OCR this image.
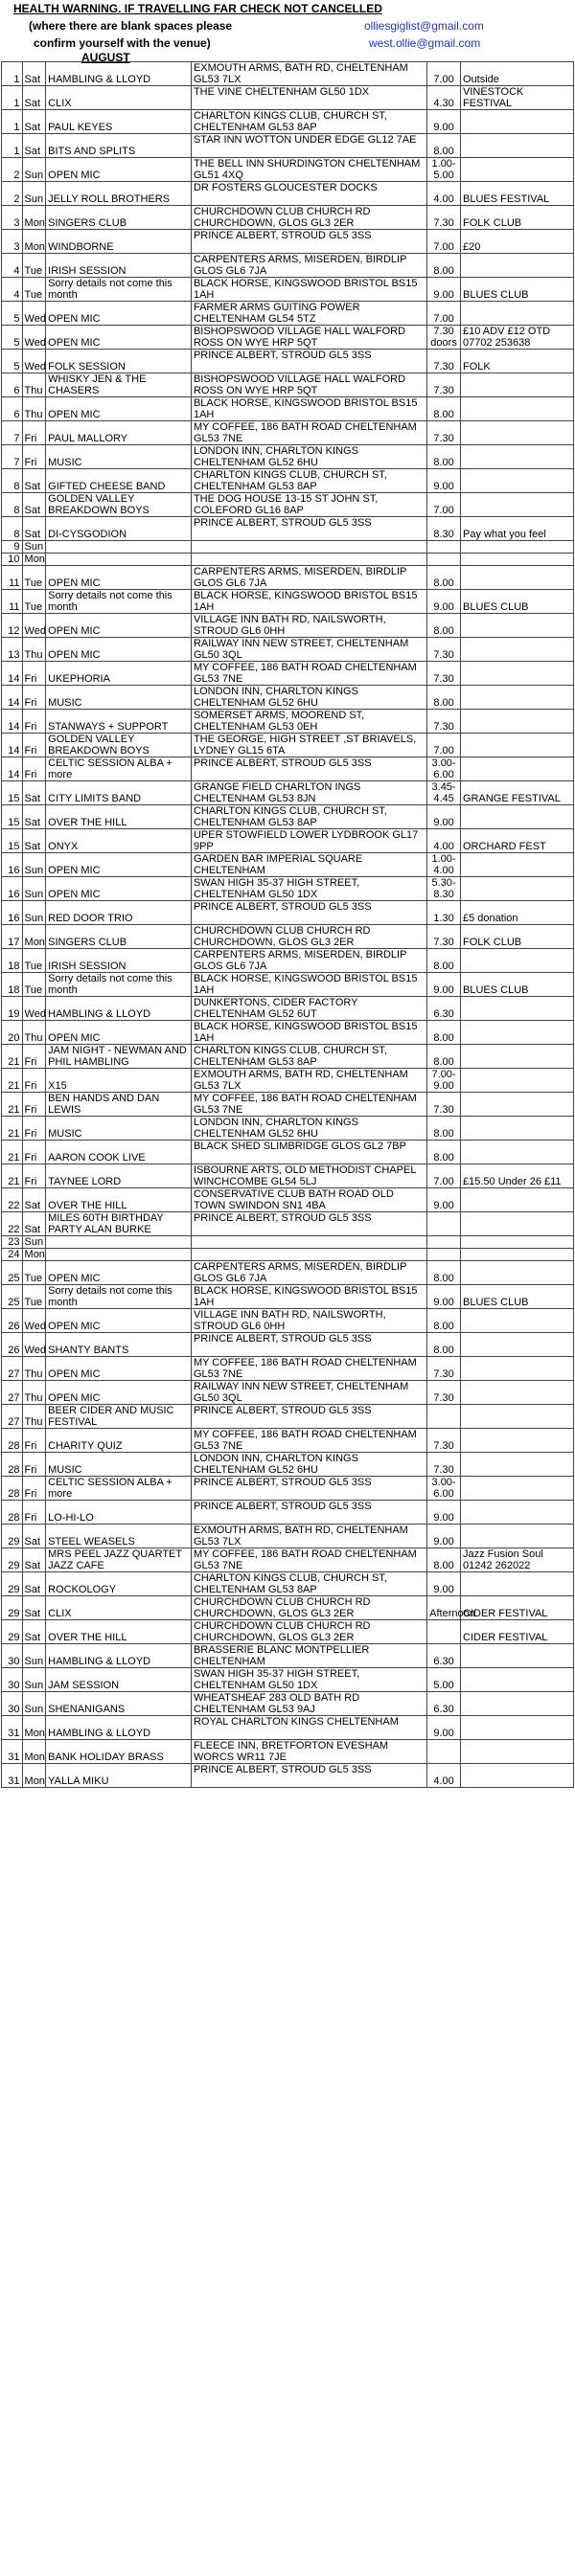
HEALTH WARNING. IF TRAVELLING FAR CHECK NOT CANCELLED
(where there are blank spaces please
confirm yourself with the venue)
olliesgiglist@gmail.com
west.ollie@gmail.com
AUGUST
1	Sat	HAMBLING & LLOYD	EXMOUTH ARMS, BATH RD, CHELTENHAM GL53 7LX	7.00	Outside
1	Sat	CLIX	THE VINE CHELTENHAM GL50 1DX	4.30	VINESTOCK FESTIVAL
1	Sat	PAUL KEYES	CHARLTON KINGS CLUB, CHURCH ST, CHELTENHAM GL53 8AP	9.00	
1	Sat	BITS AND SPLITS	STAR INN WOTTON UNDER EDGE GL12 7AE	8.00	
2	Sun	OPEN MIC	THE BELL INN SHURDINGTON CHELTENHAM GL51 4XQ	1.00-5.00	
2	Sun	JELLY ROLL BROTHERS	DR FOSTERS GLOUCESTER DOCKS	4.00	BLUES FESTIVAL
3	Mon	SINGERS CLUB	CHURCHDOWN CLUB CHURCH RD CHURCHDOWN, GLOS GL3 2ER	7.30	FOLK CLUB
3	Mon	WINDBORNE	PRINCE ALBERT, STROUD GL5 3SS	7.00	£20
4	Tue	IRISH SESSION	CARPENTERS ARMS, MISERDEN, BIRDLIP GLOS GL6 7JA	8.00	
4	Tue	Sorry details not come this month	BLACK HORSE, KINGSWOOD BRISTOL BS15 1AH	9.00	BLUES CLUB
5	Wed	OPEN MIC	FARMER ARMS GUITING POWER CHELTENHAM GL54 5TZ	7.00	
5	Wed	OPEN MIC	BISHOPSWOOD VILLAGE HALL WALFORD ROSS ON WYE HRP 5QT	7.30 doors	£10 ADV £12 OTD 07702 253638
5	Wed	FOLK SESSION	PRINCE ALBERT, STROUD GL5 3SS	7.30	FOLK
6	Thu	WHISKY JEN & THE CHASERS	BISHOPSWOOD VILLAGE HALL WALFORD ROSS ON WYE HRP 5QT	7.30	
6	Thu	OPEN MIC	BLACK HORSE, KINGSWOOD BRISTOL BS15 1AH	8.00	
7	Fri	PAUL MALLORY	MY COFFEE, 186 BATH ROAD CHELTENHAM GL53 7NE	7.30	
7	Fri	MUSIC	LONDON INN, CHARLTON KINGS CHELTENHAM GL52 6HU	8.00	
8	Sat	GIFTED CHEESE BAND	CHARLTON KINGS CLUB, CHURCH ST, CHELTENHAM GL53 8AP	9.00	
8	Sat	GOLDEN VALLEY BREAKDOWN BOYS	THE DOG HOUSE 13-15 ST JOHN ST, COLEFORD GL16 8AP	7.00	
8	Sat	DI-CYSGODION	PRINCE ALBERT, STROUD GL5 3SS	8.30	Pay what you feel
9	Sun				
10	Mon				
11	Tue	OPEN MIC	CARPENTERS ARMS, MISERDEN, BIRDLIP GLOS GL6 7JA	8.00	
11	Tue	Sorry details not come this month	BLACK HORSE, KINGSWOOD BRISTOL BS15 1AH	9.00	BLUES CLUB
12	Wed	OPEN MIC	VILLAGE INN BATH RD, NAILSWORTH, STROUD GL6 0HH	8.00	
13	Thu	OPEN MIC	RAILWAY INN NEW STREET, CHELTENHAM GL50 3QL	7.30	
14	Fri	UKEPHORIA	MY COFFEE, 186 BATH ROAD CHELTENHAM GL53 7NE	7.30	
14	Fri	MUSIC	LONDON INN, CHARLTON KINGS CHELTENHAM GL52 6HU	8.00	
14	Fri	STANWAYS + SUPPORT	SOMERSET ARMS, MOOREND ST, CHELTENHAM GL53 0EH	7.30	
14	Fri	GOLDEN VALLEY BREAKDOWN BOYS	THE GEORGE, HIGH STREET ,ST BRIAVELS, LYDNEY GL15 6TA	7.00	
14	Fri	CELTIC SESSION ALBA + more	PRINCE ALBERT, STROUD GL5 3SS	3.00-6.00	
15	Sat	CITY LIMITS BAND	GRANGE FIELD CHARLTON INGS CHELTENHAM GL53 8JN	3.45-4.45	GRANGE FESTIVAL
15	Sat	OVER THE HILL	CHARLTON KINGS CLUB, CHURCH ST, CHELTENHAM GL53 8AP	9.00	
15	Sat	ONYX	UPER STOWFIELD LOWER LYDBROOK GL17 9PP	4.00	ORCHARD FEST
16	Sun	OPEN MIC	GARDEN BAR IMPERIAL SQUARE CHELTENHAM	1.00-4.00	
16	Sun	OPEN MIC	SWAN HIGH 35-37 HIGH STREET, CHELTENHAM GL50 1DX	5.30-8.30	
16	Sun	RED DOOR TRIO	PRINCE ALBERT, STROUD GL5 3SS	1.30	£5 donation
17	Mon	SINGERS CLUB	CHURCHDOWN CLUB CHURCH RD CHURCHDOWN, GLOS GL3 2ER	7.30	FOLK CLUB
18	Tue	IRISH SESSION	CARPENTERS ARMS, MISERDEN, BIRDLIP GLOS GL6 7JA	8.00	
18	Tue	Sorry details not come this month	BLACK HORSE, KINGSWOOD BRISTOL BS15 1AH	9.00	BLUES CLUB
19	Wed	HAMBLING & LLOYD	DUNKERTONS, CIDER FACTORY CHELTENHAM GL52 6UT	6.30	
20	Thu	OPEN MIC	BLACK HORSE, KINGSWOOD BRISTOL BS15 1AH	8.00	
21	Fri	JAM NIGHT - NEWMAN AND PHIL HAMBLING	CHARLTON KINGS CLUB, CHURCH ST, CHELTENHAM GL53 8AP	8.00	
21	Fri	X15	EXMOUTH ARMS, BATH RD, CHELTENHAM GL53 7LX	7.00-9.00	
21	Fri	BEN HANDS AND DAN LEWIS	MY COFFEE, 186 BATH ROAD CHELTENHAM GL53 7NE	7.30	
21	Fri	MUSIC	LONDON INN, CHARLTON KINGS CHELTENHAM GL52 6HU	8.00	
21	Fri	AARON COOK LIVE	BLACK SHED SLIMBRIDGE GLOS GL2 7BP	8.00	
21	Fri	TAYNEE LORD	ISBOURNE ARTS, OLD METHODIST CHAPEL WINCHCOMBE GL54 5LJ	7.00	£15.50 Under 26 £11
22	Sat	OVER THE HILL	CONSERVATIVE CLUB BATH ROAD OLD TOWN SWINDON SN1 4BA	9.00	
22	Sat	MILES 60TH BIRTHDAY PARTY ALAN BURKE	PRINCE ALBERT, STROUD GL5 3SS		
23	Sun				
24	Mon				
25	Tue	OPEN MIC	CARPENTERS ARMS, MISERDEN, BIRDLIP GLOS GL6 7JA	8.00	
25	Tue	Sorry details not come this month	BLACK HORSE, KINGSWOOD BRISTOL BS15 1AH	9.00	BLUES CLUB
26	Wed	OPEN MIC	VILLAGE INN BATH RD, NAILSWORTH, STROUD GL6 0HH	8.00	
26	Wed	SHANTY BANTS	PRINCE ALBERT, STROUD GL5 3SS	8.00	
27	Thu	OPEN MIC	MY COFFEE, 186 BATH ROAD CHELTENHAM GL53 7NE	7.30	
27	Thu	OPEN MIC	RAILWAY INN NEW STREET, CHELTENHAM GL50 3QL	7.30	
27	Thu	BEER CIDER AND MUSIC FESTIVAL	PRINCE ALBERT, STROUD GL5 3SS		
28	Fri	CHARITY QUIZ	MY COFFEE, 186 BATH ROAD CHELTENHAM GL53 7NE	7.30	
28	Fri	MUSIC	LONDON INN, CHARLTON KINGS CHELTENHAM GL52 6HU	7.30	
28	Fri	CELTIC SESSION ALBA + more	PRINCE ALBERT, STROUD GL5 3SS	3.00-6.00	
28	Fri	LO-HI-LO	PRINCE ALBERT, STROUD GL5 3SS	9.00	
29	Sat	STEEL WEASELS	EXMOUTH ARMS, BATH RD, CHELTENHAM GL53 7LX	9.00	
29	Sat	MRS PEEL JAZZ QUARTET JAZZ CAFE	MY COFFEE, 186 BATH ROAD CHELTENHAM GL53 7NE	8.00	Jazz Fusion Soul 01242 262022
29	Sat	ROCKOLOGY	CHARLTON KINGS CLUB, CHURCH ST, CHELTENHAM GL53 8AP	9.00	
29	Sat	CLIX	CHURCHDOWN CLUB CHURCH RD CHURCHDOWN, GLOS GL3 2ER	Afternoon	CIDER FESTIVAL
29	Sat	OVER THE HILL	CHURCHDOWN CLUB CHURCH RD CHURCHDOWN, GLOS GL3 2ER		CIDER FESTIVAL
30	Sun	HAMBLING & LLOYD	BRASSERIE BLANC MONTPELLIER CHELTENHAM	6.30	
30	Sun	JAM SESSION	SWAN HIGH 35-37 HIGH STREET, CHELTENHAM GL50 1DX	5.00	
30	Sun	SHENANIGANS	WHEATSHEAF 283 OLD BATH RD CHELTENHAM GL53 9AJ	6.30	
31	Mon	HAMBLING & LLOYD	ROYAL CHARLTON KINGS CHELTENHAM	9.00	
31	Mon	BANK HOLIDAY BRASS	FLEECE INN, BRETFORTON EVESHAM WORCS WR11 7JE		
31	Mon	YALLA MIKU	PRINCE ALBERT, STROUD GL5 3SS	4.00	
